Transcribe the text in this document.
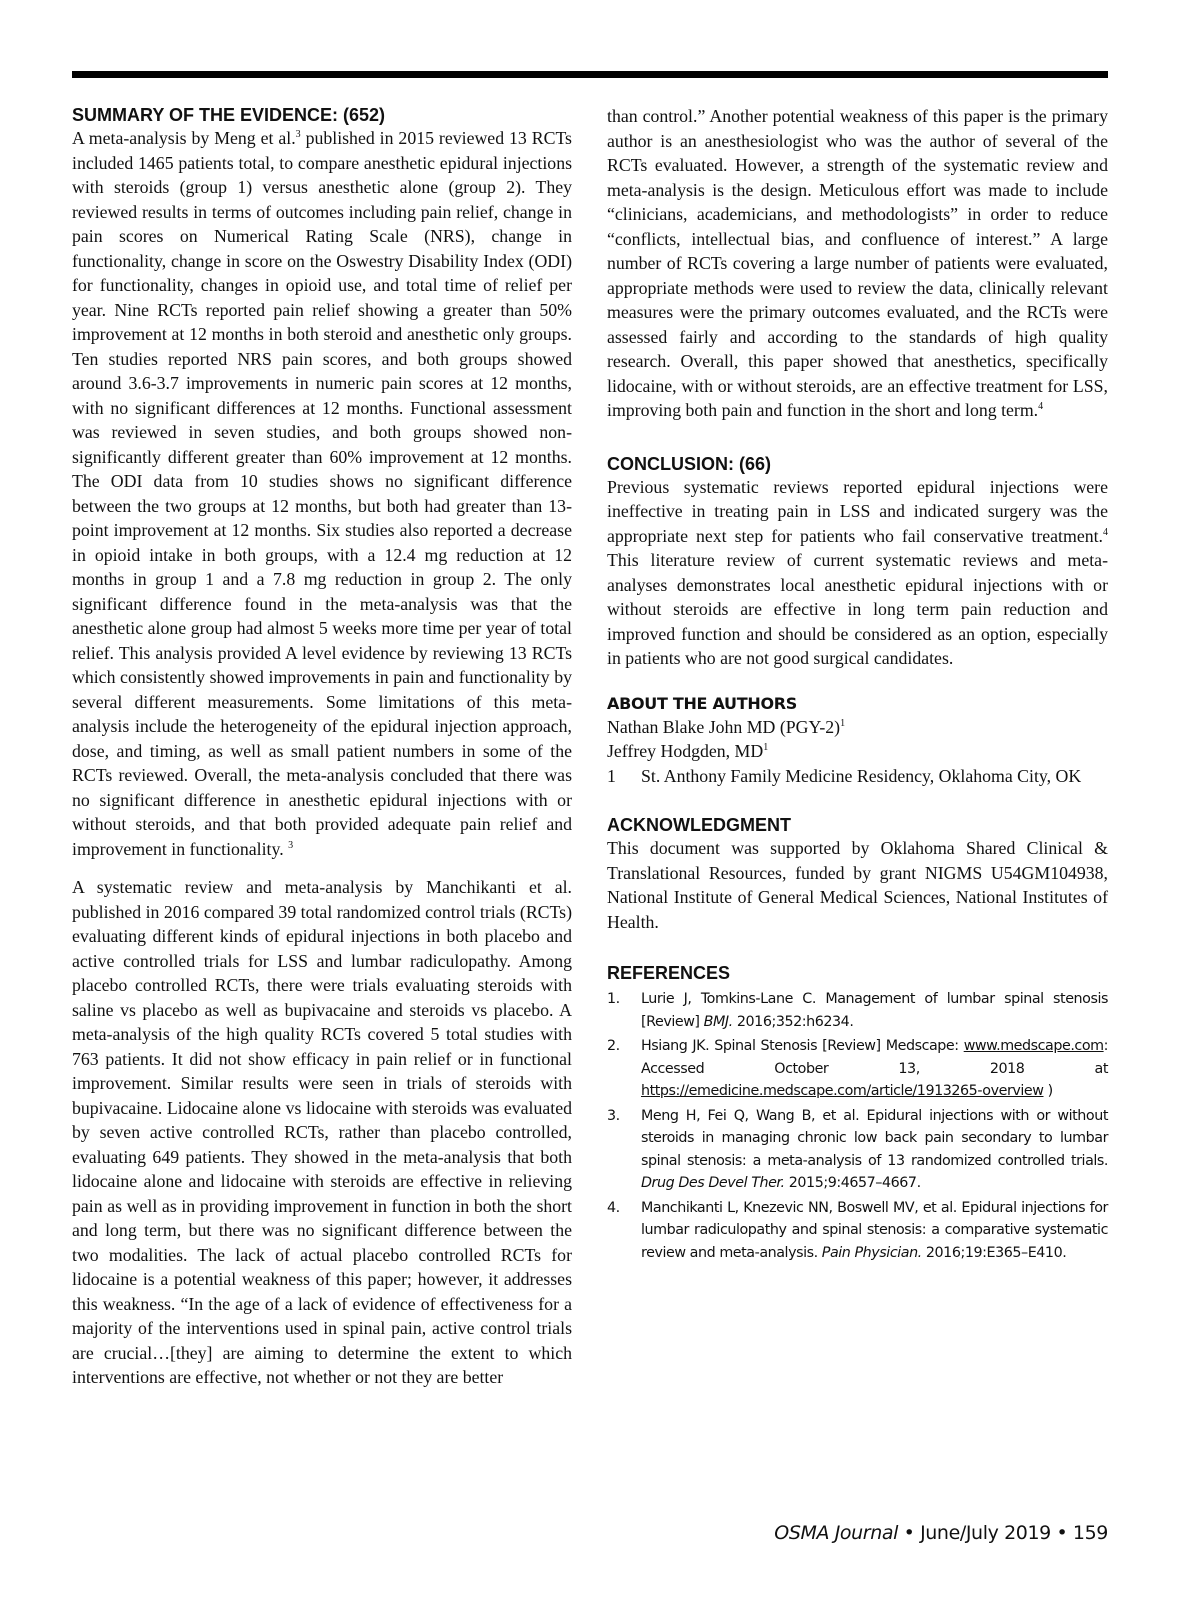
SUMMARY OF THE EVIDENCE: (652)

A meta-analysis by Meng et al.$^3$ published in 2015 reviewed 13 RCTs included 1465 patients total, to compare anesthetic epidural injections with steroids (group 1) versus anesthetic alone (group 2). They reviewed results in terms of outcomes including pain relief, change in pain scores on Numerical Rating Scale (NRS), change in functionality, change in score on the Oswestry Disability Index (ODI) for functionality, changes in opioid use, and total time of relief per year. Nine RCTs reported pain relief showing a greater than 50% improvement at 12 months in both steroid and anesthetic only groups. Ten studies reported NRS pain scores, and both groups showed around 3.6-3.7 improvements in numeric pain scores at 12 months, with no significant differences at 12 months. Functional assessment was reviewed in seven studies, and both groups showed non-significantly different greater than 60% improvement at 12 months. The ODI data from 10 studies shows no significant difference between the two groups at 12 months, but both had greater than 13-point improvement at 12 months. Six studies also reported a decrease in opioid intake in both groups, with a 12.4 mg reduction at 12 months in group 1 and a 7.8 mg reduction in group 2. The only significant difference found in the meta-analysis was that the anesthetic alone group had almost 5 weeks more time per year of total relief. This analysis provided A level evidence by reviewing 13 RCTs which consistently showed improvements in pain and functionality by several different measurements. Some limitations of this meta-analysis include the heterogeneity of the epidural injection approach, dose, and timing, as well as small patient numbers in some of the RCTs reviewed. Overall, the meta-analysis concluded that there was no significant difference in anesthetic epidural injections with or without steroids, and that both provided adequate pain relief and improvement in functionality. $^3$

A systematic review and meta-analysis by Manchikanti et al. published in 2016 compared 39 total randomized control trials (RCTs) evaluating different kinds of epidural injections in both placebo and active controlled trials for LSS and lumbar radiculopathy. Among placebo controlled RCTs, there were trials evaluating steroids with saline vs placebo as well as bupivacaine and steroids vs placebo. A meta-analysis of the high quality RCTs covered 5 total studies with 763 patients. It did not show efficacy in pain relief or in functional improvement. Similar results were seen in trials of steroids with bupivacaine. Lidocaine alone vs lidocaine with steroids was evaluated by seven active controlled RCTs, rather than placebo controlled, evaluating 649 patients. They showed in the meta-analysis that both lidocaine alone and lidocaine with steroids are effective in relieving pain as well as in providing improvement in function in both the short and long term, but there was no significant difference between the two modalities. The lack of actual placebo controlled RCTs for lidocaine is a potential weakness of this paper; however, it addresses this weakness. “In the age of a lack of evidence of effectiveness for a majority of the interventions used in spinal pain, active control trials are crucial…[they] are aiming to determine the extent to which interventions are effective, not whether or not they are better

than control.” Another potential weakness of this paper is the primary author is an anesthesiologist who was the author of several of the RCTs evaluated. However, a strength of the systematic review and meta-analysis is the design. Meticulous effort was made to include “clinicians, academicians, and methodologists” in order to reduce “conflicts, intellectual bias, and confluence of interest.” A large number of RCTs covering a large number of patients were evaluated, appropriate methods were used to review the data, clinically relevant measures were the primary outcomes evaluated, and the RCTs were assessed fairly and according to the standards of high quality research. Overall, this paper showed that anesthetics, specifically lidocaine, with or without steroids, are an effective treatment for LSS, improving both pain and function in the short and long term.$^4$

CONCLUSION: (66)

Previous systematic reviews reported epidural injections were ineffective in treating pain in LSS and indicated surgery was the appropriate next step for patients who fail conservative treatment.$^4$ This literature review of current systematic reviews and meta-analyses demonstrates local anesthetic epidural injections with or without steroids are effective in long term pain reduction and improved function and should be considered as an option, especially in patients who are not good surgical candidates.

ABOUT THE AUTHORS
Nathan Blake John MD $(PGY-2)^1$
Jeffrey Hodgden, $MD^1$
1	St. Anthony Family Medicine Residency, Oklahoma City, OK
ACKNOWLEDGMENT

This document was supported by Oklahoma Shared Clinical & Translational Resources, funded by grant NIGMS U54GM104938, National Institute of General Medical Sciences, National Institutes of Health.

REFERENCES
1.	Lurie J, Tomkins-Lane C. Management of lumbar spinal stenosis [Review] BMJ. 2016;352:h6234.
2.	Hsiang JK. Spinal Stenosis [Review] Medscape: www.medscape.com: Accessed October 13, 2018 at https://emedicine.medscape.com/article/1913265-overview )
3.	Meng H, Fei Q, Wang B, et al. Epidural injections with or without steroids in managing chronic low back pain secondary to lumbar spinal stenosis: a meta-analysis of 13 randomized controlled trials. Drug Des Devel Ther. 2015;9:4657–4667.
4.	Manchikanti L, Knezevic NN, Boswell MV, et al. Epidural injections for lumbar radiculopathy and spinal stenosis: a comparative systematic review and meta-analysis. Pain Physician. 2016;19:E365–E410.
OSMA Journal • June/July 2019 • 159
